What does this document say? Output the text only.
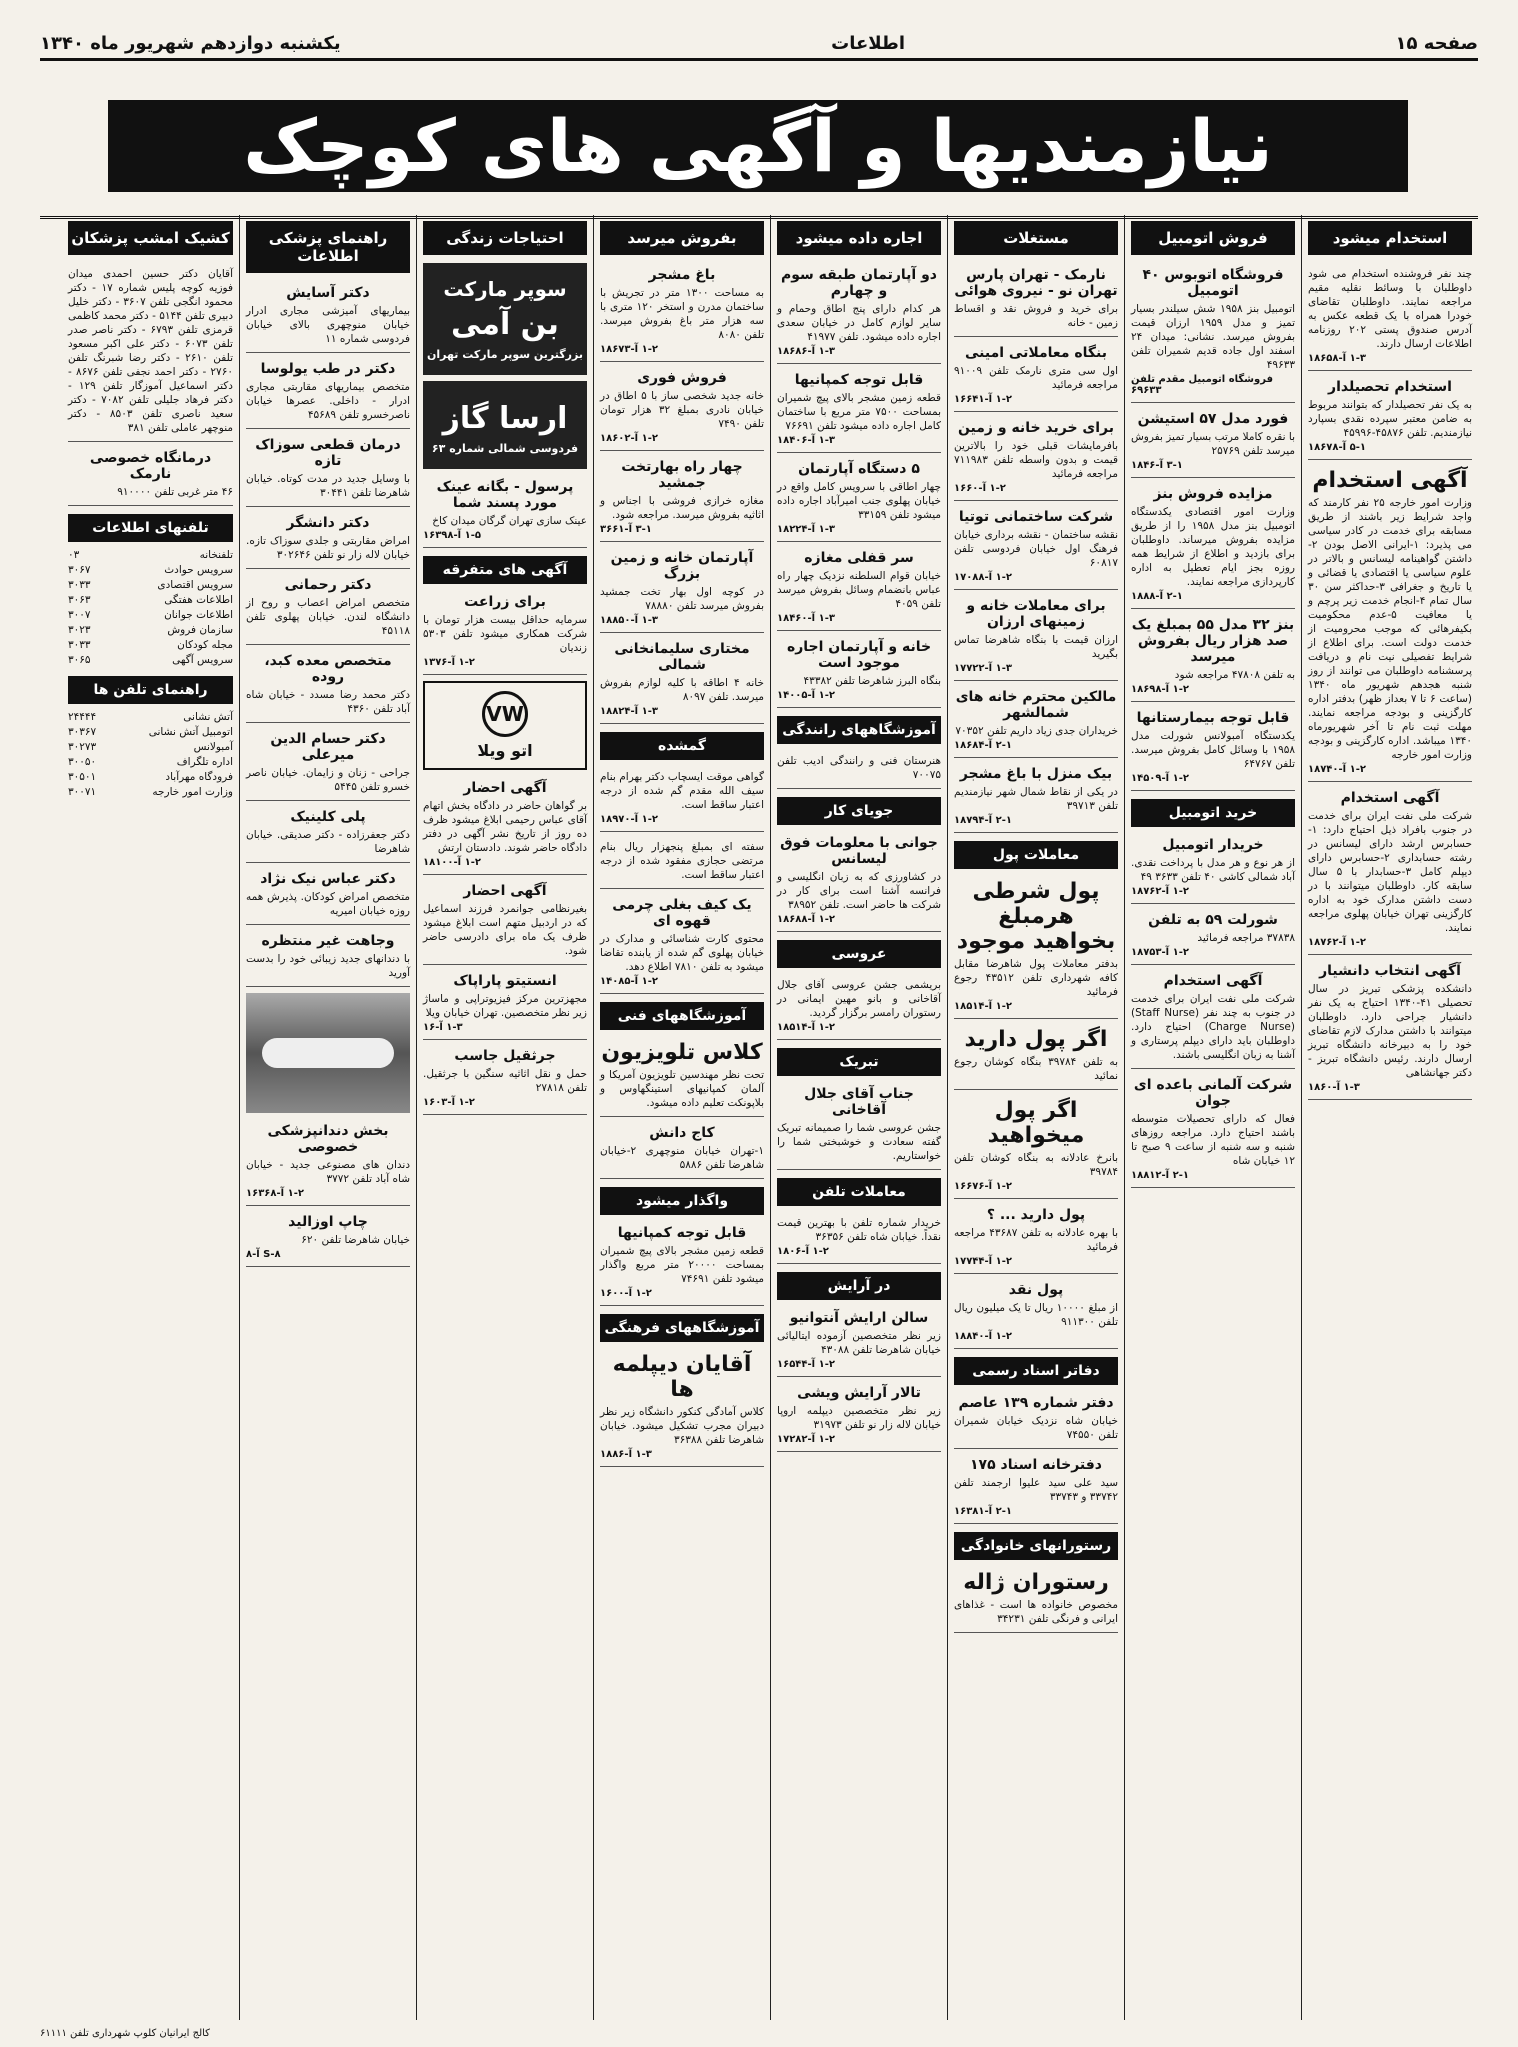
صفحه ۱۵
اطلاعات
یکشنبه دوازدهم شهریور ماه ۱۳۴۰
نیازمندیها و آگهی های کوچک
استخدام میشود
چند نفر فروشنده استخدام می شود داوطلبان با وسائط نقلیه مقیم مراجعه نمایند. داوطلبان تقاضای خودرا همراه با یک قطعه عکس به آدرس صندوق پستی ۲۰۲ روزنامه اطلاعات ارسال دارند.
۱-۳ آ-۱۸۶۵۸
استخدام تحصیلدار
به یک نفر تحصیلدار که بتوانند مربوط به ضامن معتبر سپرده نقدی بسپارد نیازمندیم. تلفن ۴۵۸۷۶-۴۵۹۹۶
۵-۱ آ-۱۸۶۷۸
آگهی استخدام
وزارت امور خارجه ۲۵ نفر کارمند که واجد شرایط زیر باشند از طریق مسابقه برای خدمت در کادر سیاسی می پذیرد: ۱-ایرانی الاصل بودن ۲-داشتن گواهینامه لیسانس و بالاتر در علوم سیاسی یا اقتصادی یا قضائی و یا تاریخ و جغرافی ۳-حداکثر سن ۳۰ سال تمام ۴-انجام خدمت زیر پرچم و یا معافیت ۵-عدم محکومیت بکیفرهائی که موجب محرومیت از خدمت دولت است. برای اطلاع از شرایط تفصیلی نیت نام و دریافت پرسشنامه داوطلبان می توانند از روز شنبه هجدهم شهریور ماه ۱۳۴۰ (ساعت ۶ تا ۷ بعداز ظهر) بدفتر اداره کارگزینی و بودجه مراجعه نمایند. مهلت ثبت نام تا آخر شهریورماه ۱۳۴۰ میباشد. اداره کارگزینی و بودجه وزارت امور خارجه
۱-۲ آ-۱۸۷۴۰
آگهی استخدام
شرکت ملی نفت ایران برای خدمت در جنوب بافراد ذیل احتیاج دارد: ۱-حسابرس ارشد دارای لیسانس در رشته حسابداری ۲-حسابرس دارای دیپلم کامل ۳-حسابدار با ۵ سال سابقه کار. داوطلبان میتوانند با در دست داشتن مدارک خود به اداره کارگزینی تهران خیابان پهلوی مراجعه نمایند.
۱-۲ آ-۱۸۷۶۲
آگهی انتخاب دانشیار
دانشکده پزشکی تبریز در سال تحصیلی ۴۱-۱۳۴۰ احتیاج به یک نفر دانشیار جراحی دارد. داوطلبان میتوانند با داشتن مدارک لازم تقاضای خود را به دبیرخانه دانشگاه تبریز ارسال دارند. رئیس دانشگاه تبریز - دکتر جهانشاهی
۱-۳ آ-۱۸۶۰
فروش اتومبیل
فروشگاه اتوبوس ۴۰ اتومبیل
اتومبیل بنز ۱۹۵۸ شش سیلندر بسیار تمیز و مدل ۱۹۵۹ ارزان قیمت بفروش میرسد. نشانی: میدان ۲۴ اسفند اول جاده قدیم شمیران تلفن ۴۹۶۳۳
فروشگاه اتومبیل مقدم تلفن ۶۹۶۳۳
فورد مدل ۵۷ استیشن
با نقره کاملا مرتب بسیار تمیز بفروش میرسد تلفن ۲۵۷۶۹
۳-۱ آ-۱۸۴۶
مزایده فروش بنز
وزارت امور اقتصادی یکدستگاه اتومبیل بنز مدل ۱۹۵۸ را از طریق مزایده بفروش میرساند. داوطلبان برای بازدید و اطلاع از شرایط همه روزه بجز ایام تعطیل به اداره کارپردازی مراجعه نمایند.
۲-۱ آ-۱۸۸۸
بنز ۳۲ مدل ۵۵ بمبلغ یک صد هزار ریال بفروش میرسد
به تلفن ۴۷۸۰۸ مراجعه شود
۱-۲ آ-۱۸۶۹۸
قابل توجه بیمارستانها
یکدستگاه آمبولانس شورلت مدل ۱۹۵۸ با وسائل کامل بفروش میرسد. تلفن ۶۴۷۶۷
۱-۲ آ-۱۴۵۰۹
خرید اتومبیل
خریدار اتومبیل
از هر نوع و هر مدل با پرداخت نقدی. آباد شمالی کاشی ۴۰ تلفن ۳۶۳۳ ۴۹
۱-۲ آ-۱۸۷۶۲
شورلت ۵۹ به تلفن
۳۷۸۳۸ مراجعه فرمائید
۱-۲ آ-۱۸۷۵۳
آگهی استخدام
شرکت ملی نفت ایران برای خدمت در جنوب به چند نفر (Staff Nurse) (Charge Nurse) احتیاج دارد. داوطلبان باید دارای دیپلم پرستاری و آشنا به زبان انگلیسی باشند.
شرکت آلمانی باعده ای جوان
فعال که دارای تحصیلات متوسطه باشند احتیاج دارد. مراجعه روزهای شنبه و سه شنبه از ساعت ۹ صبح تا ۱۲ خیابان شاه
۲-۱ آ-۱۸۸۱۲
مستغلات
نارمک - تهران پارس تهران نو - نیروی هوائی
برای خرید و فروش نقد و اقساط زمین - خانه
بنگاه معاملاتی امینی
اول سی متری نارمک تلفن ۹۱۰۰۹ مراجعه فرمائید
۱-۲ آ-۱۶۶۴۱
برای خرید خانه و زمین
بافرمایشات قبلی خود را بالاترین قیمت و بدون واسطه تلفن ۷۱۱۹۸۳ مراجعه فرمائید
۱-۲ آ-۱۶۶۰
شرکت ساختمانی توتیا
نقشه ساختمان - نقشه برداری خیابان فرهنگ اول خیابان فردوسی تلفن ۶۰۸۱۷
۱-۲ آ-۱۷۰۸۸
برای معاملات خانه و زمینهای ارزان
ارزان قیمت با بنگاه شاهرضا تماس بگیرید
۱-۳ آ-۱۷۷۲۲
مالکین محترم خانه های شمالشهر
خریداران جدی زیاد داریم تلفن ۷۰۳۵۲
۲-۱ آ-۱۸۶۸۴
بیک منزل با باغ مشجر
در یکی از نقاط شمال شهر نیازمندیم تلفن ۳۹۷۱۳
۲-۱ آ-۱۸۷۹۴
معاملات پول
پول شرطی هرمبلغ بخواهید موجود
بدفتر معاملات پول شاهرضا مقابل کافه شهرداری تلفن ۴۳۵۱۲ رجوع فرمائید
۱-۲ آ-۱۸۵۱۴
اگر پول دارید
به تلفن ۳۹۷۸۴ بنگاه کوشان رجوع نمائید
اگر پول میخواهید
بانرخ عادلانه به بنگاه کوشان تلفن ۳۹۷۸۴
۱-۲ آ-۱۶۶۷۶
پول دارید ... ؟
با بهره عادلانه به تلفن ۴۳۶۸۷ مراجعه فرمائید
۱-۲ آ-۱۷۷۴۴
پول نقد
از مبلغ ۱۰۰۰۰ ریال تا یک میلیون ریال تلفن ۹۱۱۳۰۰
۱-۲ آ-۱۸۸۴۰
دفاتر اسناد رسمی
دفتر شماره ۱۳۹ عاصم
خیابان شاه نزدیک خیابان شمیران تلفن ۷۴۵۵۰
دفترخانه اسناد ۱۷۵
سید علی سید علیوا ارجمند تلفن ۳۳۷۴۲ و ۳۳۷۴۳
۲-۱ آ-۱۶۳۸۱
رستورانهای خانوادگی
رستوران ژاله
مخصوص خانواده ها است - غذاهای ایرانی و فرنگی تلفن ۳۴۲۳۱
اجاره داده میشود
دو آپارتمان طبقه سوم و چهارم
هر کدام دارای پنج اطاق وحمام و سایر لوازم کامل در خیابان سعدی اجاره داده میشود. تلفن ۴۱۹۷۷
۱-۳ آ-۱۸۶۸۶
قابل توجه کمپانیها
قطعه زمین مشجر بالای پیچ شمیران بمساحت ۷۵۰۰ متر مربع با ساختمان کامل اجاره داده میشود تلفن ۷۶۶۹۱
۱-۳ آ-۱۸۴۰۶
۵ دستگاه آپارتمان
چهار اطاقی با سرویس کامل واقع در خیابان پهلوی جنب امیرآباد اجاره داده میشود تلفن ۳۳۱۵۹
۱-۳ آ-۱۸۲۲۴
سر قفلی مغازه
خیابان قوام السلطنه نزدیک چهار راه عباس بانضمام وسائل بفروش میرسد تلفن ۴۰۵۹
۱-۳ آ-۱۸۴۶۰
خانه و آپارتمان اجاره موجود است
بنگاه البرز شاهرضا تلفن ۴۳۳۸۲
۱-۲ آ-۱۴۰۰۵
آموزشگاههای رانندگی
هنرستان فنی و رانندگی ادیب تلفن ۷۰۰۷۵
جویای کار
جوانی با معلومات فوق لیسانس
در کشاورزی که به زبان انگلیسی و فرانسه آشنا است برای کار در شرکت ها حاضر است. تلفن ۳۸۹۵۲
۱-۲ آ-۱۸۶۸۸
عروسی
بریشمی جشن عروسی آقای جلال آقاخانی و بانو مهین ایمانی در رستوران رامسر برگزار گردید.
۱-۲ آ-۱۸۵۱۴
تبریک
جناب آقای جلال آقاخانی
جشن عروسی شما را صمیمانه تبریک گفته سعادت و خوشبختی شما را خواستاریم.
معاملات تلفن
خریدار شماره تلفن با بهترین قیمت نقداً. خیابان شاه تلفن ۳۶۳۵۶
۱-۲ آ-۱۸۰۶
در آرایش
سالن ارایش آنتوانیو
زیر نظر متخصصین آزموده ایتالیائی خیابان شاهرضا تلفن ۴۳۰۸۸
۱-۲ آ-۱۶۵۴۴
تالار آرایش ویشی
زیر نظر متخصصین دیپلمه اروپا خیابان لاله زار نو تلفن ۳۱۹۷۳
۱-۲ آ-۱۷۲۸۲
بفروش میرسد
باغ مشجر
به مساحت ۱۳۰۰ متر در تجریش با ساختمان مدرن و استخر ۱۲۰ متری با سه هزار متر باغ بفروش میرسد. تلفن ۸۰۸۰
۱-۲ آ-۱۸۶۷۳
فروش فوری
خانه جدید شخصی ساز با ۵ اطاق در خیابان نادری بمبلغ ۳۲ هزار تومان تلفن ۷۴۹۰
۱-۲ آ-۱۸۶۰۲
چهار راه بهارتخت جمشید
مغازه خرازی فروشی با اجناس و اثاثیه بفروش میرسد. مراجعه شود.
۳-۱ آ-۳۶۶۱
آپارتمان خانه و زمین بزرگ
در کوچه اول بهار تخت جمشید بفروش میرسد تلفن ۷۸۸۸۰
۱-۳ آ-۱۸۸۵۰
مختاری سلیمانخانی شمالی
خانه ۴ اطاقه با کلیه لوازم بفروش میرسد. تلفن ۸۰۹۷
۱-۳ آ-۱۸۸۲۴
گمشده
گواهی موقت ایسچاب دکتر بهرام بنام سیف الله مقدم گم شده از درجه اعتبار ساقط است.
۱-۲ آ-۱۸۹۷۰
سفته ای بمبلغ پنجهزار ریال بنام مرتضی حجازی مفقود شده از درجه اعتبار ساقط است.
یک کیف بغلی چرمی قهوه ای
محتوی کارت شناسائی و مدارک در خیابان پهلوی گم شده از یابنده تقاضا میشود به تلفن ۷۸۱۰ اطلاع دهد.
۱-۲ آ-۱۴۰۸۵
آموزشگاههای فنی
کلاس تلویزیون
تحت نظر مهندسین تلویزیون آمریکا و آلمان کمپانیهای استینگهاوس و بلاپونکت تعلیم داده میشود.
کاج دانش
۱-تهران خیابان منوچهری ۲-خیابان شاهرضا تلفن ۵۸۸۶
واگذار میشود
قابل توجه کمپانیها
قطعه زمین مشجر بالای پیچ شمیران بمساحت ۲۰۰۰۰ متر مربع واگذار میشود تلفن ۷۴۶۹۱
۱-۲ آ-۱۶۰۰
آموزشگاههای فرهنگی
آقایان دیپلمه ها
کلاس آمادگی کنکور دانشگاه زیر نظر دبیران مجرب تشکیل میشود. خیابان شاهرضا تلفن ۳۶۳۸۸
۱-۳ آ-۱۸۸۶
احتیاجات زندگی
سوپر مارکت
بن آمی
بزرگترین سوپر مارکت تهران
ارسا گاز
فردوسی شمالی شماره ۶۳
پرسول - بگانه عینک مورد پسند شما
عینک سازی تهران گرگان میدان کاخ
۱-۵ آ-۱۶۳۹۸
آگهی های متفرقه
برای زراعت
سرمایه حداقل بیست هزار تومان با شرکت همکاری میشود تلفن ۵۳۰۳ زندیان
۱-۲ آ-۱۳۷۶
VW
اتو ویلا
آگهی احضار
بر گواهان حاضر در دادگاه بخش اتهام آقای عباس رحیمی ابلاغ میشود ظرف ده روز از تاریخ نشر آگهی در دفتر دادگاه حاضر شوند. دادستان ارتش
۱-۲ آ-۱۸۱۰۰
آگهی احضار
بغیرنظامی جوانمرد فرزند اسماعیل که در اردبیل متهم است ابلاغ میشود ظرف یک ماه برای دادرسی حاضر شود.
انستیتو پاراپاک
مجهزترین مرکز فیزیوتراپی و ماساژ زیر نظر متخصصین. تهران خیابان ویلا
۱-۳ آ-۱۶
جرثقیل جاسب
حمل و نقل اثاثیه سنگین با جرثقیل. تلفن ۲۷۸۱۸
۱-۲ آ-۱۶۰۳
راهنمای پزشکی اطلاعات
دکتر آسایش
بیماریهای آمیزشی مجاری ادرار خیابان منوچهری بالای خیابان فردوسی شماره ۱۱
دکتر در طب یولوسا
متخصص بیماریهای مقاربتی مجاری ادرار - داخلی. عصرها خیابان ناصرخسرو تلفن ۴۵۶۸۹
درمان قطعی سوزاک تازه
با وسایل جدید در مدت کوتاه. خیابان شاهرضا تلفن ۳۰۴۴۱
دکتر دانشگر
امراض مقاربتی و جلدی سوزاک تازه. خیابان لاله زار نو تلفن ۳۰۲۶۴۶
دکتر رحمانی
متخصص امراض اعصاب و روح از دانشگاه لندن. خیابان پهلوی تلفن ۴۵۱۱۸
متخصص معده کبد، روده
دکتر محمد رضا مسدد - خیابان شاه آباد تلفن ۴۳۶۰
دکتر حسام الدین میرعلی
جراحی - زنان و زایمان. خیابان ناصر خسرو تلفن ۵۴۴۵
پلی کلینیک
دکتر جعفرزاده - دکتر صدیقی. خیابان شاهرضا
دکتر عباس نیک نژاد
متخصص امراض کودکان. پذیرش همه روزه خیابان امیریه
وجاهت غیر منتظره
با دندانهای جدید زیبائی خود را بدست آورید
بخش دندانپزشکی خصوصی
دندان های مصنوعی جدید - خیابان شاه آباد تلفن ۳۷۷۲
۱-۲ آ-۱۶۳۶۸
چاپ اوزالید
خیابان شاهرضا تلفن ۶۲۰
S-۸ آ-۸
کشیک امشب پزشکان
آقایان دکتر حسین احمدی میدان فوزیه کوچه پلیس شماره ۱۷ - دکتر محمود انگجی تلفن ۳۶۰۷ - دکتر خلیل دبیری تلفن ۵۱۴۴ - دکتر محمد کاظمی قرمزی تلفن ۶۷۹۳ - دکتر ناصر صدر تلفن ۶۰۷۳ - دکتر علی اکبر مسعود تلفن ۲۶۱۰ - دکتر رضا شبرنگ تلفن ۲۷۶۰ - دکتر احمد نجفی تلفن ۸۶۷۶ - دکتر اسماعیل آموزگار تلفن ۱۲۹ - دکتر فرهاد جلیلی تلفن ۷۰۸۲ - دکتر سعید ناصری تلفن ۸۵۰۳ - دکتر منوچهر عاملی تلفن ۳۸۱
درمانگاه خصوصی نارمک
۴۶ متر غربی تلفن ۹۱۰۰۰۰
تلفنهای اطلاعات
تلفنخانه
۰۳
سرویس حوادث
۳۰۶۷
سرویس اقتصادی
۳۰۳۳
اطلاعات هفتگی
۳۰۶۳
اطلاعات جوانان
۳۰۰۷
سازمان فروش
۳۰۲۳
مجله کودکان
۳۰۳۳
سرویس آگهی
۳۰۶۵
راهنمای تلفن ها
آتش نشانی
۲۴۴۴۴
اتومبیل آتش نشانی
۳۰۳۶۷
آمبولانس
۳۰۲۷۳
اداره تلگراف
۳۰۰۵۰
فرودگاه مهرآباد
۳۰۵۰۱
وزارت امور خارجه
۳۰۰۷۱
کالج ایرانیان کلوپ شهرداری تلفن ۶۱۱۱۱
